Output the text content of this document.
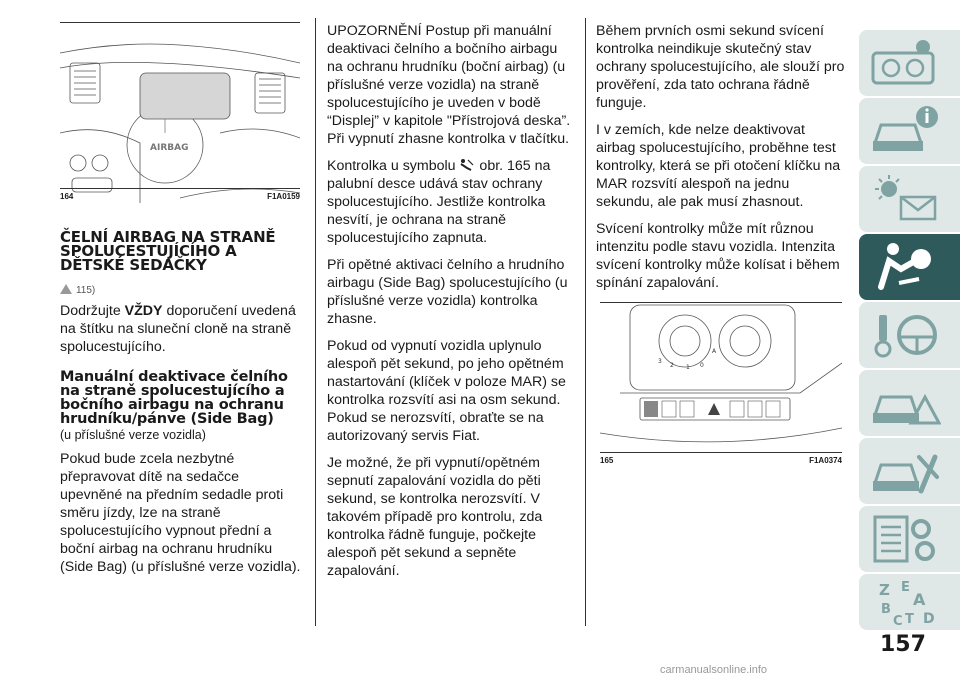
AIRBAG
164	F1A0159
ČELNÍ AIRBAG NA STRANĚ SPOLUCESTUJÍCÍHO A DĚTSKÉ SEDAČKY
115)

Dodržujte VŽDY doporučení uvedená na štítku na sluneční cloně na straně spolucestujícího.

Manuální deaktivace čelního na straně spolucestujícího a bočního airbagu na ochranu hrudníku/pánve (Side Bag)

(u příslušné verze vozidla)

Pokud bude zcela nezbytné přepravovat dítě na sedačce upevněné na předním sedadle proti směru jízdy, lze na straně spolucestujícího vypnout přední a boční airbag na ochranu hrudníku (Side Bag) (u příslušné verze vozidla).

UPOZORNĚNÍ Postup při manuální deaktivaci čelního a bočního airbagu na ochranu hrudníku (boční airbag) (u příslušné verze vozidla) na straně spolucestujícího je uveden v bodě “Displej” v kapitole "Přístrojová deska”. Při vypnutí zhasne kontrolka v tlačítku.

Kontrolka u symbolu  obr. 165 na palubní desce udává stav ochrany spolucestujícího. Jestliže kontrolka nesvítí, je ochrana na straně spolucestujícího zapnuta.

Při opětné aktivaci čelního a hrudního airbagu (Side Bag) spolucestujícího (u příslušné verze vozidla) kontrolka zhasne.

Pokud od vypnutí vozidla uplynulo alespoň pět sekund, po jeho opětném nastartování (klíček v poloze MAR) se kontrolka rozsvítí asi na osm sekund. Pokud se nerozsvítí, obraťte se na autorizovaný servis Fiat.

Je možné, že při vypnutí/opětném sepnutí zapalování vozidla do pěti sekund, se kontrolka nerozsvítí. V takovém případě pro kontrolu, zda kontrolka řádně funguje, počkejte alespoň pět sekund a sepněte zapalování.

Během prvních osmi sekund svícení kontrolka neindikuje skutečný stav ochrany spolucestujícího, ale slouží pro prověření, zda tato ochrana řádně funguje.

I v zemích, kde nelze deaktivovat airbag spolucestujícího, proběhne test kontrolky, která se při otočení klíčku na MAR rozsvítí alespoň na jednu sekundu, ale pak musí zhasnout.

Svícení kontrolky může mít různou intenzitu podle stavu vozidla. Intenzita svícení kontrolky může kolísat i během spínání zapalování.

3
2 1 0
A
165	F1A0374
Z E
A
B
C T D
157
carmanualsonline.info
